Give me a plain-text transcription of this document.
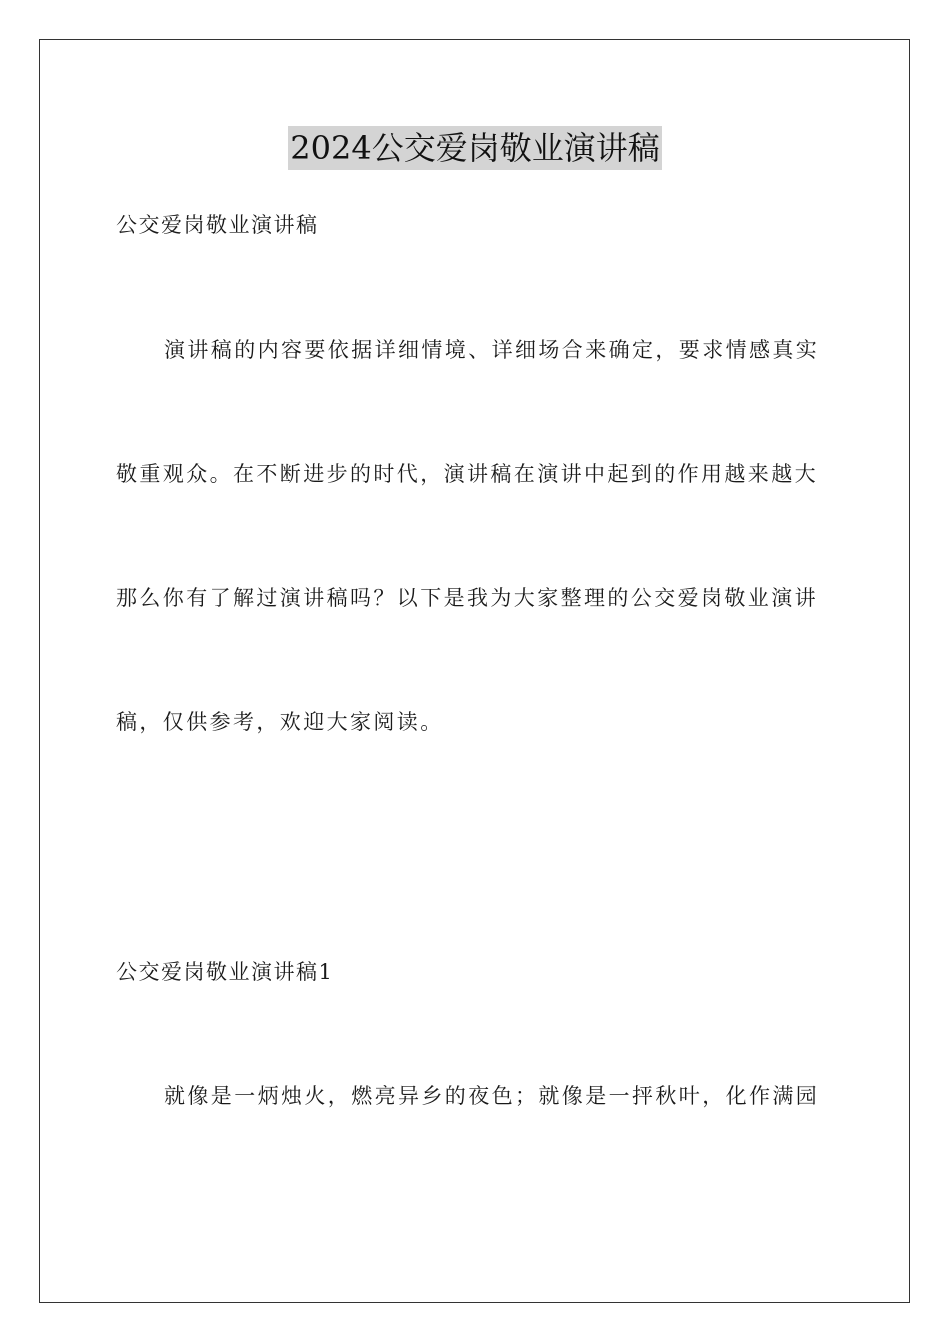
2024公交爱岗敬业演讲稿
公交爱岗敬业演讲稿
演讲稿的内容要依据详细情境、详细场合来确定，要求情感真实
敬重观众。在不断进步的时代，演讲稿在演讲中起到的作用越来越大
那么你有了解过演讲稿吗？以下是我为大家整理的公交爱岗敬业演讲
稿，仅供参考，欢迎大家阅读。
公交爱岗敬业演讲稿1
就像是一炳烛火，燃亮异乡的夜色；就像是一抨秋叶，化作满园
